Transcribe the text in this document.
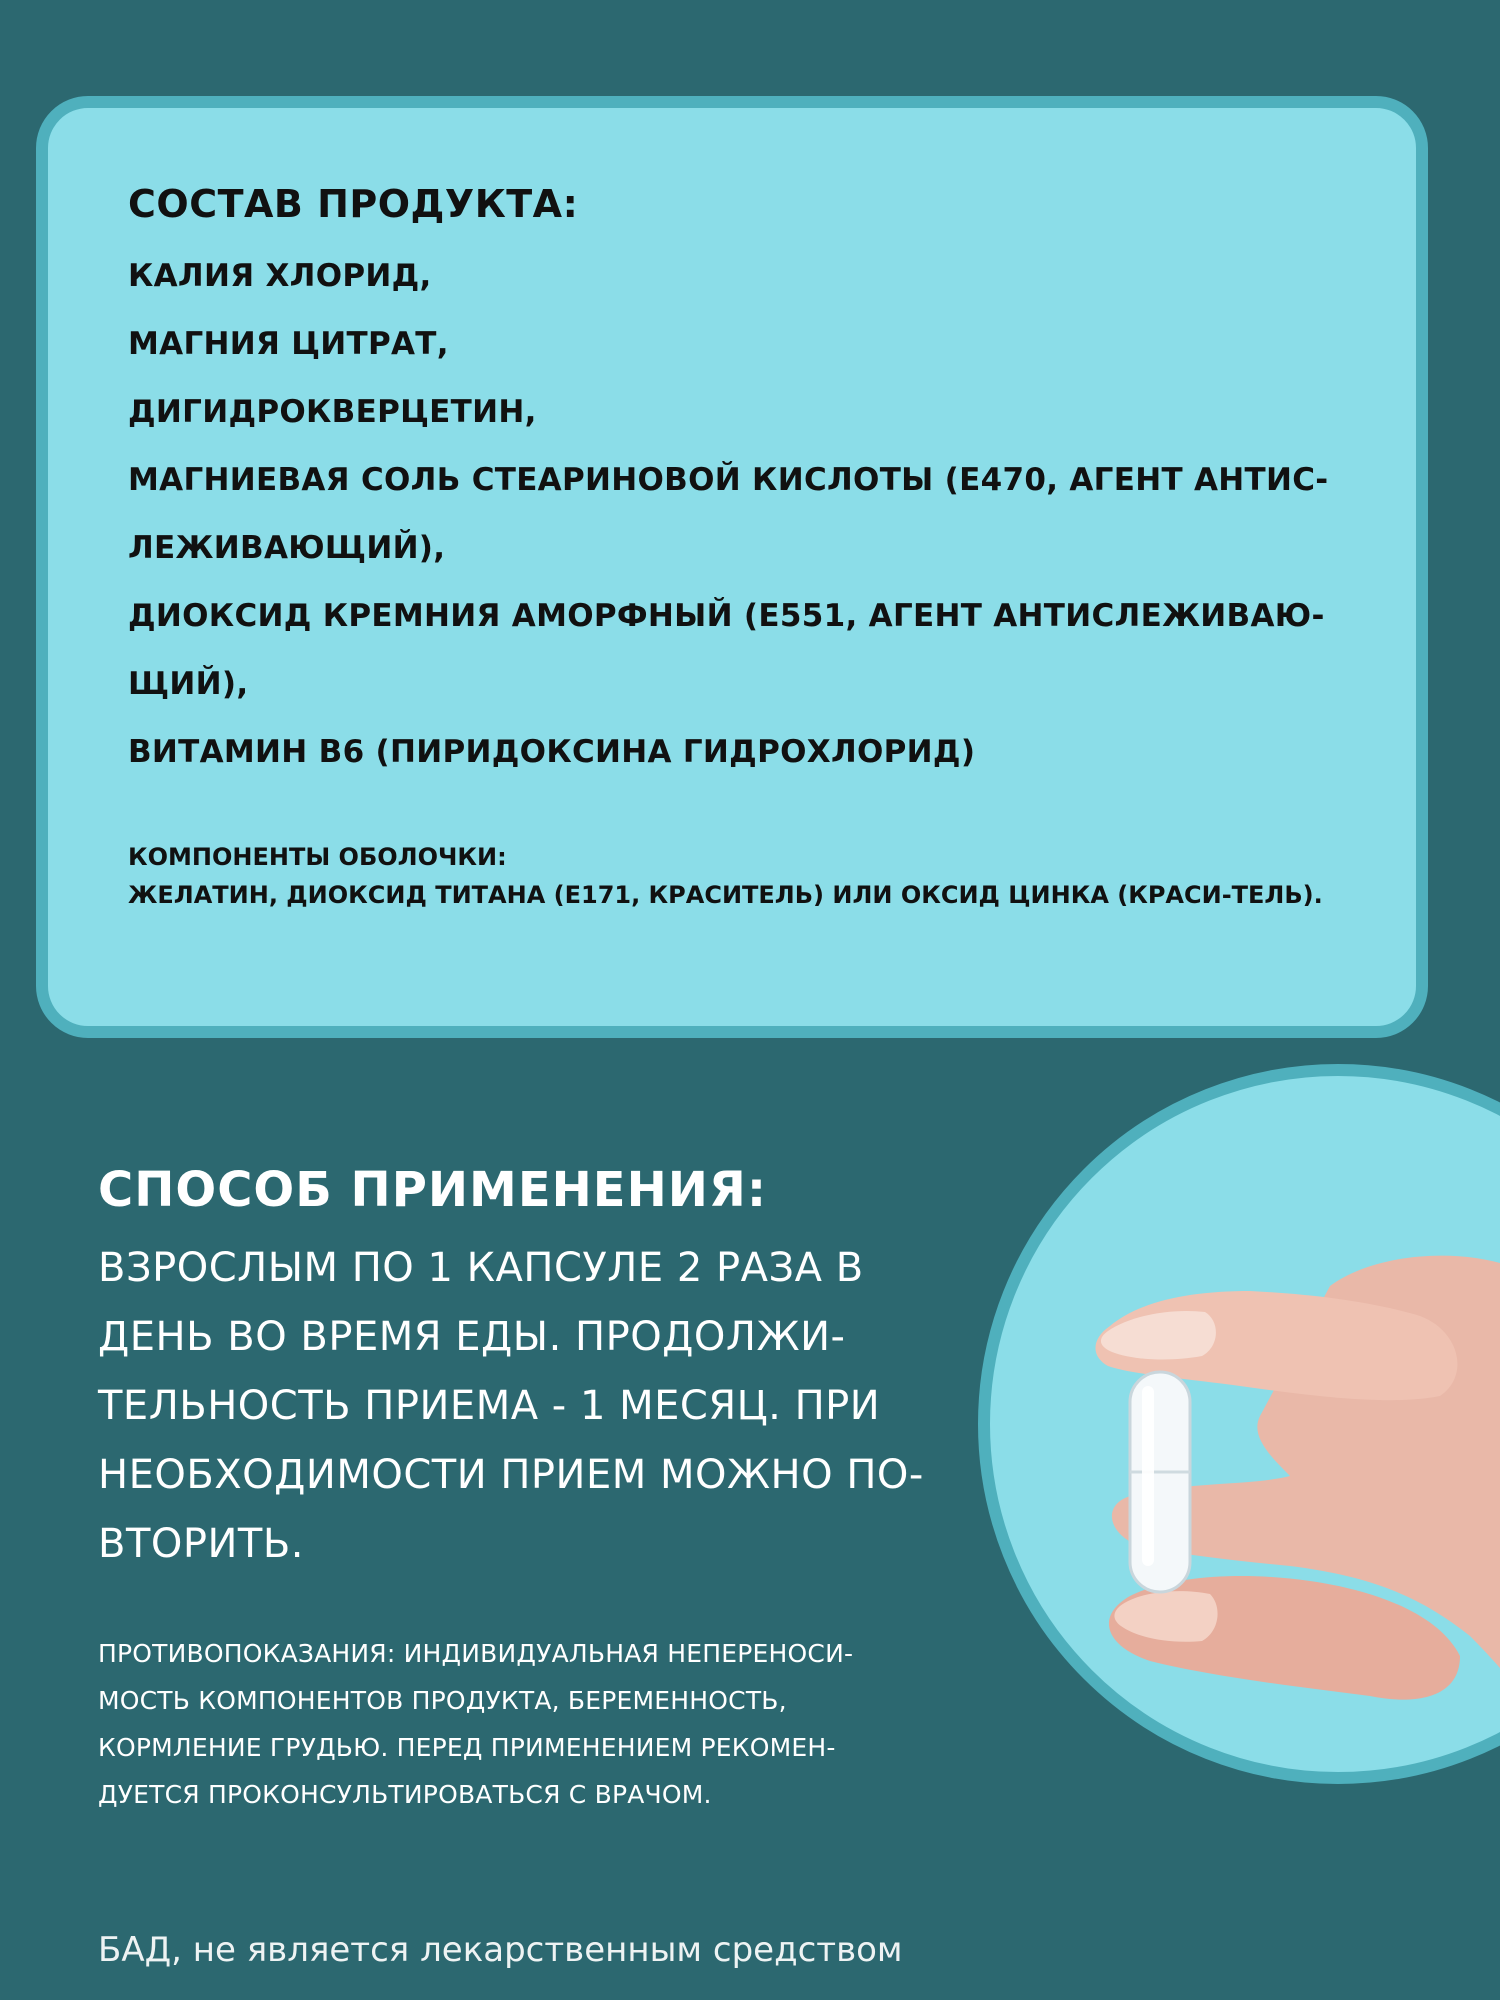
СОСТАВ ПРОДУКТА:
КАЛИЯ ХЛОРИД,
МАГНИЯ ЦИТРАТ,
ДИГИДРОКВЕРЦЕТИН,
МАГНИЕВАЯ СОЛЬ СТЕАРИНОВОЙ КИСЛОТЫ (Е470, АГЕНТ АНТИС-
ЛЕЖИВАЮЩИЙ),
ДИОКСИД КРЕМНИЯ АМОРФНЫЙ (Е551, АГЕНТ АНТИСЛЕЖИВАЮ-
ЩИЙ),
ВИТАМИН В6 (ПИРИДОКСИНА ГИДРОХЛОРИД)
КОМПОНЕНТЫ ОБОЛОЧКИ:
ЖЕЛАТИН, ДИОКСИД ТИТАНА (Е171, КРАСИТЕЛЬ) ИЛИ ОКСИД ЦИНКА (КРАСИ-ТЕЛЬ).
СПОСОБ ПРИМЕНЕНИЯ:
ВЗРОСЛЫМ ПО 1 КАПСУЛЕ 2 РАЗА В ДЕНЬ ВО ВРЕМЯ ЕДЫ. ПРОДОЛЖИ-ТЕЛЬНОСТЬ ПРИЕМА - 1 МЕСЯЦ. ПРИ НЕОБХОДИМОСТИ ПРИЕМ МОЖНО ПО-ВТОРИТЬ.
ПРОТИВОПОКАЗАНИЯ: ИНДИВИДУАЛЬНАЯ НЕПЕРЕНОСИ-МОСТЬ КОМПОНЕНТОВ ПРОДУКТА, БЕРЕМЕННОСТЬ, КОРМЛЕНИЕ ГРУДЬЮ. ПЕРЕД ПРИМЕНЕНИЕМ РЕКОМЕН-ДУЕТСЯ ПРОКОНСУЛЬТИРОВАТЬСЯ С ВРАЧОМ.
БАД, не является лекарственным средством
